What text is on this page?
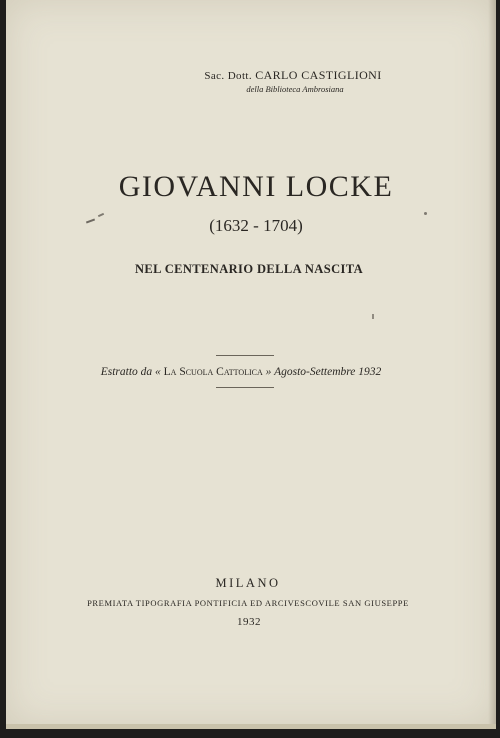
Sac. Dott. CARLO CASTIGLIONI
della Biblioteca Ambrosiana
GIOVANNI LOCKE
(1632 - 1704)
NEL CENTENARIO DELLA NASCITA
Estratto da « La Scuola Cattolica » Agosto-Settembre 1932
MILANO
PREMIATA TIPOGRAFIA PONTIFICIA ED ARCIVESCOVILE SAN GIUSEPPE
1932
